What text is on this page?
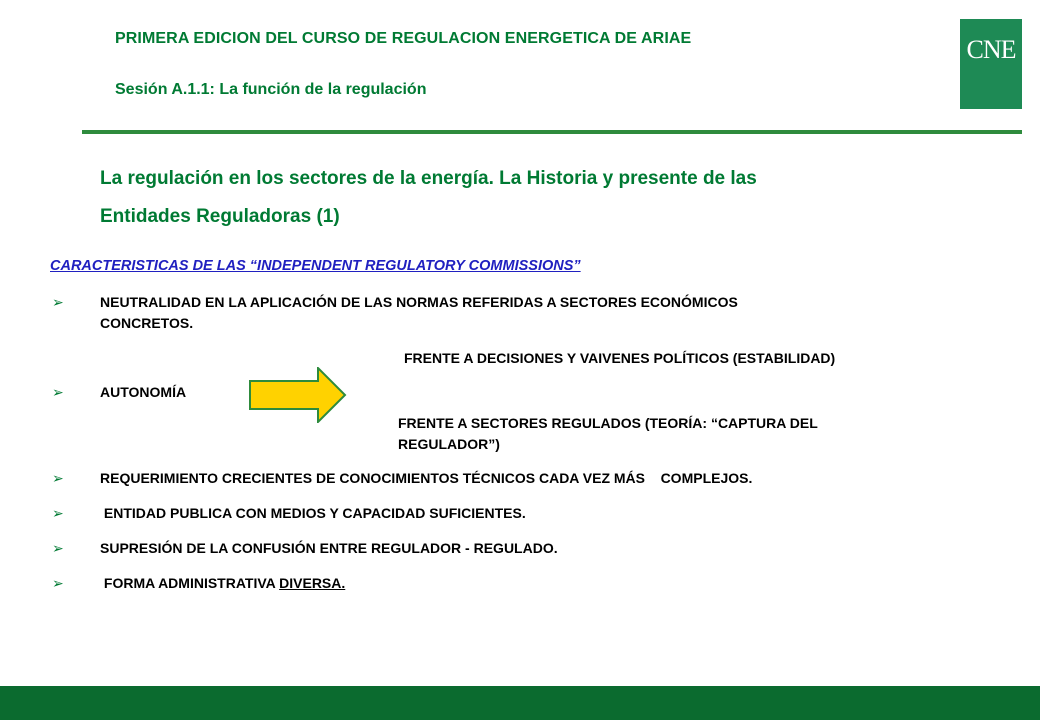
PRIMERA EDICION DEL CURSO DE REGULACION ENERGETICA DE ARIAE
Sesión A.1.1: La función de la regulación
CNE
La regulación en los sectores de la energía. La Historia y presente de las
Entidades Reguladoras (1)
CARACTERISTICAS DE LAS “INDEPENDENT REGULATORY COMMISSIONS”
➢	NEUTRALIDAD EN LA APLICACIÓN DE LAS NORMAS REFERIDAS A SECTORES ECONÓMICOS
CONCRETOS.
FRENTE A DECISIONES Y VAIVENES POLÍTICOS (ESTABILIDAD)
➢	AUTONOMÍA
FRENTE A SECTORES REGULADOS (TEORÍA: “CAPTURA DEL
REGULADOR”)
➢	REQUERIMIENTO CRECIENTES DE CONOCIMIENTOS TÉCNICOS CADA VEZ MÁS    COMPLEJOS.
➢	ENTIDAD PUBLICA CON MEDIOS Y CAPACIDAD SUFICIENTES.
➢	SUPRESIÓN DE LA CONFUSIÓN ENTRE REGULADOR - REGULADO.
➢	FORMA ADMINISTRATIVA DIVERSA.
